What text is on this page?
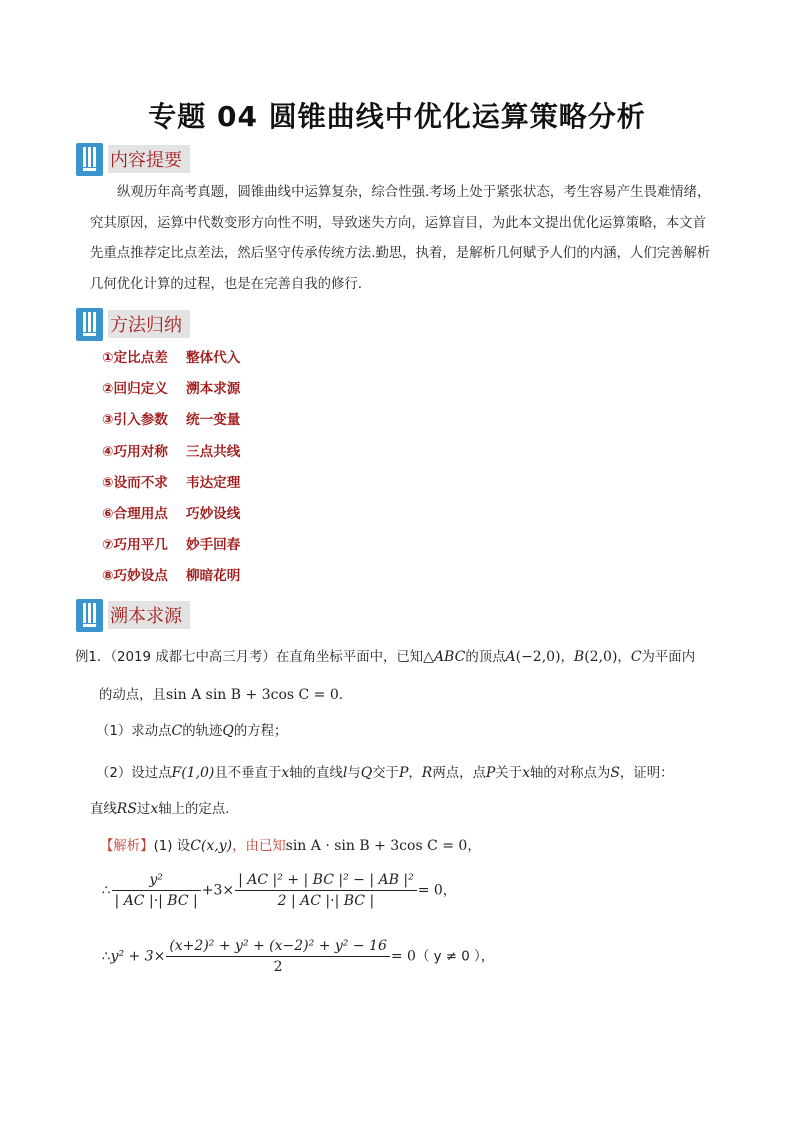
专题 04 圆锥曲线中优化运算策略分析
内容提要
纵观历年高考真题，圆锥曲线中运算复杂，综合性强.考场上处于紧张状态，考生容易产生畏难情绪，
究其原因，运算中代数变形方向性不明，导致迷失方向，运算盲目，为此本文提出优化运算策略，本文首
先重点推荐定比点差法，然后坚守传承传统方法.勤思，执着，是解析几何赋予人们的内涵，人们完善解析
几何优化计算的过程，也是在完善自我的修行.
方法归纳
①定比点差 整体代入
②回归定义 溯本求源
③引入参数 统一变量
④巧用对称 三点共线
⑤设而不求 韦达定理
⑥合理用点 巧妙设线
⑦巧用平几 妙手回春
⑧巧妙设点 柳暗花明
溯本求源
例1．（2019 成都七中高三月考）在直角坐标平面中，已知△ABC的顶点A(−2,0)，B(2,0)，C为平面内
的动点，且sin A sin B + 3cos C = 0.
（1）求动点C的轨迹Q的方程；
（2）设过点F(1,0)且不垂直于x轴的直线l与Q交于P，R两点，点P关于x轴的对称点为S，证明：
直线RS过x轴上的定点.
【解析】(1) 设C(x,y)，由已知sin A · sin B + 3cos C = 0，
∴ $\frac{\text{y²}}{| AC |\cdot| BC |} +3\times \frac{\text{| AC |² + | BC |² − | AB |²}}{2 | AC |\cdot| BC |} = 0$，
∴y² + $3\times \frac{\text{(x+2)² + y² + (x−2)² + y² − 16}}{2} = 0$（ y ≠ 0 ），
